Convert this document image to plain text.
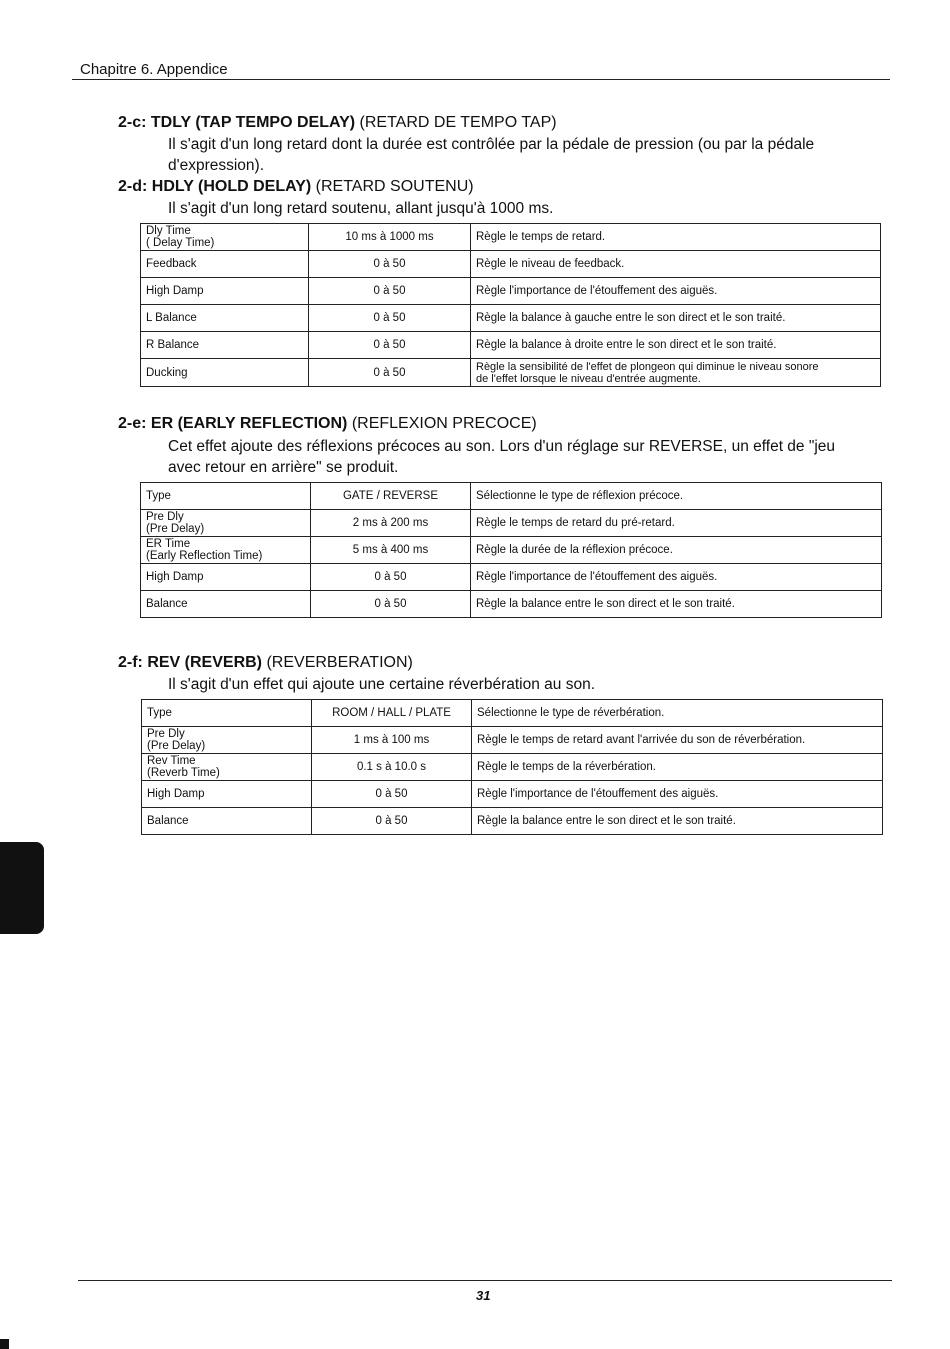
Chapitre 6. Appendice
2-c: TDLY (TAP TEMPO DELAY) (RETARD DE TEMPO TAP)
Il s'agit d'un long retard dont la durée est contrôlée par la pédale de pression (ou par la pédale
d'expression).
2-d: HDLY (HOLD DELAY) (RETARD SOUTENU)
Il s'agit d'un long retard soutenu, allant jusqu'à 1000 ms.
Dly Time
( Delay Time)	10 ms à 1000 ms	Règle le temps de retard.
Feedback	0 à 50	Règle le niveau de feedback.
High Damp	0 à 50	Règle l'importance de l'étouffement des aiguës.
L Balance	0 à 50	Règle la balance à gauche entre le son direct et le son traité.
R Balance	0 à 50	Règle la balance à droite entre le son direct et le son traité.
Ducking	0 à 50	Règle la sensibilité de l'effet de plongeon qui diminue le niveau sonore
de l'effet lorsque le niveau d'entrée augmente.
2-e: ER (EARLY REFLECTION) (REFLEXION PRECOCE)
Cet effet ajoute des réflexions précoces au son. Lors d'un réglage sur REVERSE, un effet de "jeu
avec retour en arrière" se produit.
Type	GATE / REVERSE	Sélectionne le type de réflexion précoce.

Pre Dly
(Pre Delay)	2 ms à 200 ms	Règle le temps de retard du pré-retard.

ER Time
(Early Reflection Time)	5 ms à 400 ms	Règle la durée de la réflexion précoce.
High Damp	0 à 50	Règle l'importance de l'étouffement des aiguës.
Balance	0 à 50	Règle la balance entre le son direct et le son traité.
2-f: REV (REVERB) (REVERBERATION)
Il s'agit d'un effet qui ajoute une certaine réverbération au son.
Type	ROOM / HALL / PLATE	Sélectionne le type de réverbération.

Pre Dly
(Pre Delay)	1 ms à 100 ms	Règle le temps de retard avant l'arrivée du son de réverbération.

Rev Time
(Reverb Time)	0.1 s à 10.0 s	Règle le temps de la réverbération.
High Damp	0 à 50	Règle l'importance de l'étouffement des aiguës.
Balance	0 à 50	Règle la balance entre le son direct et le son traité.
31
